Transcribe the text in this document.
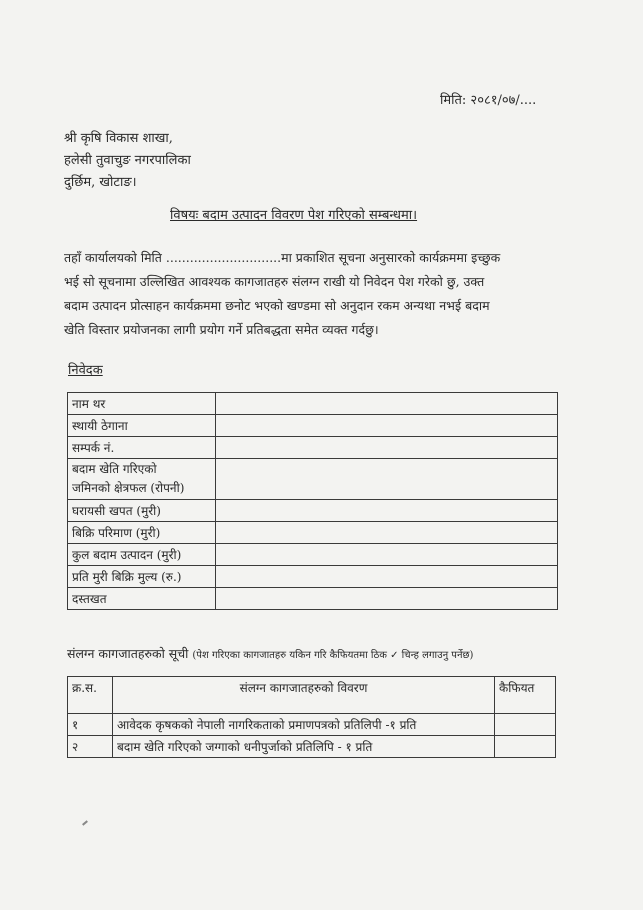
मिति: २०८१/०७/....
श्री कृषि विकास शाखा,
हलेसी तुवाचुङ नगरपालिका
दुर्छिम, खोटाङ।
विषयः बदाम उत्पादन विवरण पेश गरिएको सम्बन्धमा।
तहाँ कार्यालयको मिति .............................मा प्रकाशित सूचना अनुसारको कार्यक्रममा इच्छुक
भई सो सूचनामा उल्लिखित आवश्यक कागजातहरु संलग्न राखी यो निवेदन पेश गरेको छु, उक्त
बदाम उत्पादन प्रोत्साहन कार्यक्रममा छनोट भएको खण्डमा सो अनुदान रकम अन्यथा नभई बदाम
खेति विस्तार प्रयोजनका लागी प्रयोग गर्ने प्रतिबद्धता समेत व्यक्त गर्दछु।
निवेदक
नाम थर	
स्थायी ठेगाना	
सम्पर्क नं.	

बदाम खेति गरिएको
जमिनको क्षेत्रफल (रोपनी)	

घरायसी खपत (मुरी)	
बिक्रि परिमाण (मुरी)	
कुल बदाम उत्पादन (मुरी)	
प्रति मुरी बिक्रि मुल्य (रु.)	
दस्तखत	
संलग्न कागजातहरुको सूची (पेश गरिएका कागजातहरु यकिन गरि कैफियतमा ठिक ✓ चिन्ह लगाउनु पर्नेछ)
क्र.स.	संलग्न कागजातहरुको विवरण	कैफियत
१	आवेदक कृषकको नेपाली नागरिकताको प्रमाणपत्रको प्रतिलिपी -१ प्रति	
२	बदाम खेति गरिएको जग्गाको धनीपुर्जाको प्रतिलिपि - १ प्रति	
